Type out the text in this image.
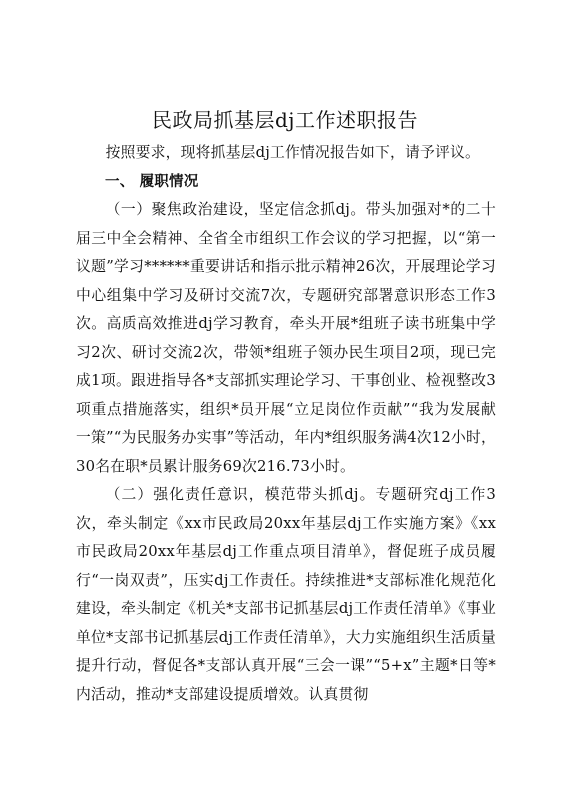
民政局抓基层dj工作述职报告

按照要求，现将抓基层dj工作情况报告如下，请予评议。

一、 履职情况

（一）聚焦政治建设，坚定信念抓dj。带头加强对*的二十届三中全会精神、全省全市组织工作会议的学习把握，以“第一议题”学习******重要讲话和指示批示精神26次，开展理论学习中心组集中学习及研讨交流7次，专题研究部署意识形态工作3次。高质高效推进dj学习教育，牵头开展*组班子读书班集中学习2次、研讨交流2次，带领*组班子领办民生项目2项，现已完成1项。跟进指导各*支部抓实理论学习、干事创业、检视整改3项重点措施落实，组织*员开展“立足岗位作贡献”“我为发展献一策”“为民服务办实事”等活动，年内*组织服务满4次12小时，30名在职*员累计服务69次216.73小时。

（二）强化责任意识，模范带头抓dj。专题研究dj工作3次，牵头制定《xx市民政局20xx年基层dj工作实施方案》《xx市民政局20xx年基层dj工作重点项目清单》，督促班子成员履行“一岗双责”，压实dj工作责任。持续推进*支部标准化规范化建设，牵头制定《机关*支部书记抓基层dj工作责任清单》《事业单位*支部书记抓基层dj工作责任清单》，大力实施组织生活质量提升行动，督促各*支部认真开展“三会一课”“5+x”主题*日等*内活动，推动*支部建设提质增效。认真贯彻
